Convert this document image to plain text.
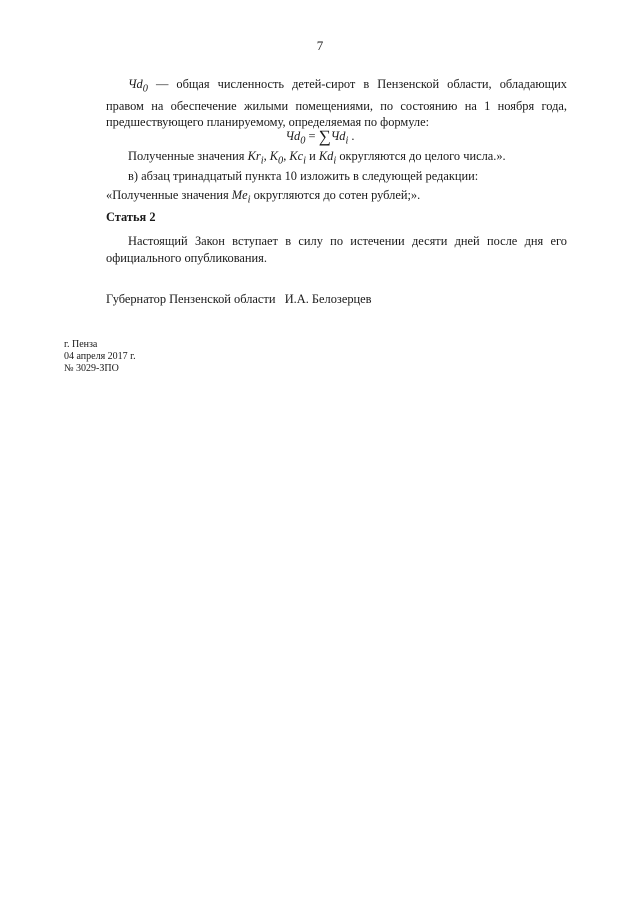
7
$Чd_0$ — общая численность детей-сирот в Пензенской области, обладающих правом на обеспечение жилыми помещениями, по состоянию на 1 ноября года, предшествующего планируемому, определяемая по формуле:
$Чd_0 = \sum Чd_i$ .
Полученные значения $Kr_i$, $K_0$, $Kc_i$ и $Kd_i$ округляются до целого числа.».
в) абзац тринадцатый пункта 10 изложить в следующей редакции:
«Полученные значения $Me_i$ округляются до сотен рублей;».
Статья 2
Настоящий Закон вступает в силу по истечении десяти дней после дня его официального опубликования.
Губернатор Пензенской области   И.А. Белозерцев
г. Пенза
04 апреля 2017 г.
№ 3029-ЗПО
